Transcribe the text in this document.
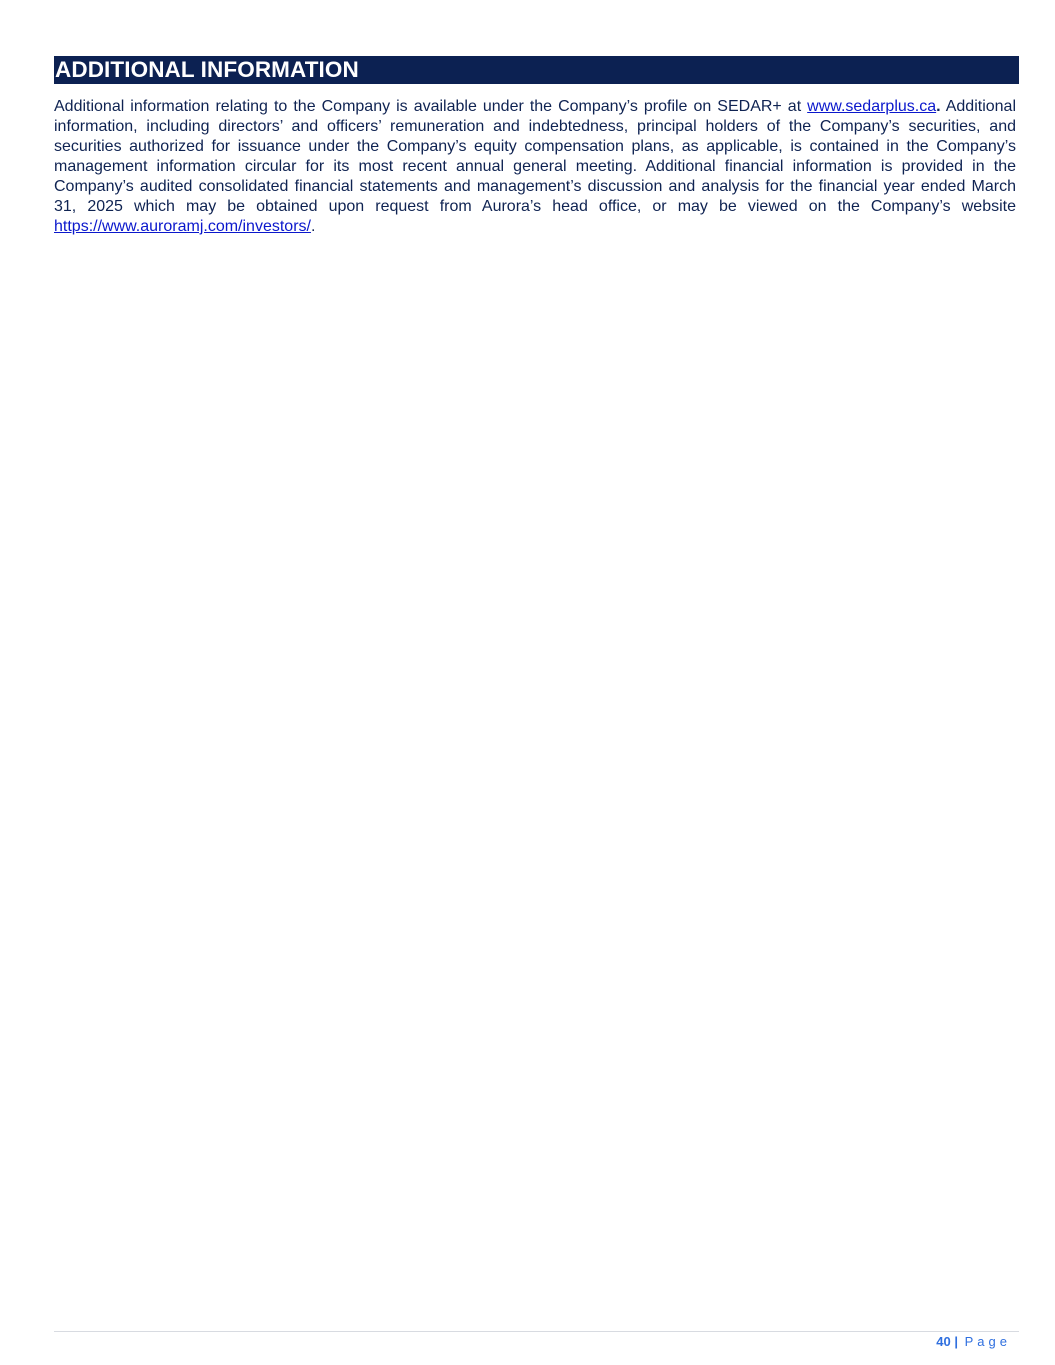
ADDITIONAL INFORMATION

Additional information relating to the Company is available under the Company’s profile on SEDAR+ at www.sedarplus.ca. Additional information, including directors’ and officers’ remuneration and indebtedness, principal holders of the Company’s securities, and securities authorized for issuance under the Company’s equity compensation plans, as applicable, is contained in the Company’s management information circular for its most recent annual general meeting. Additional financial information is provided in the Company’s audited consolidated financial statements and management’s discussion and analysis for the financial year ended March 31, 2025 which may be obtained upon request from Aurora’s head office, or may be viewed on the Company’s website https://www.auroramj.com/investors/.

40 | Page
